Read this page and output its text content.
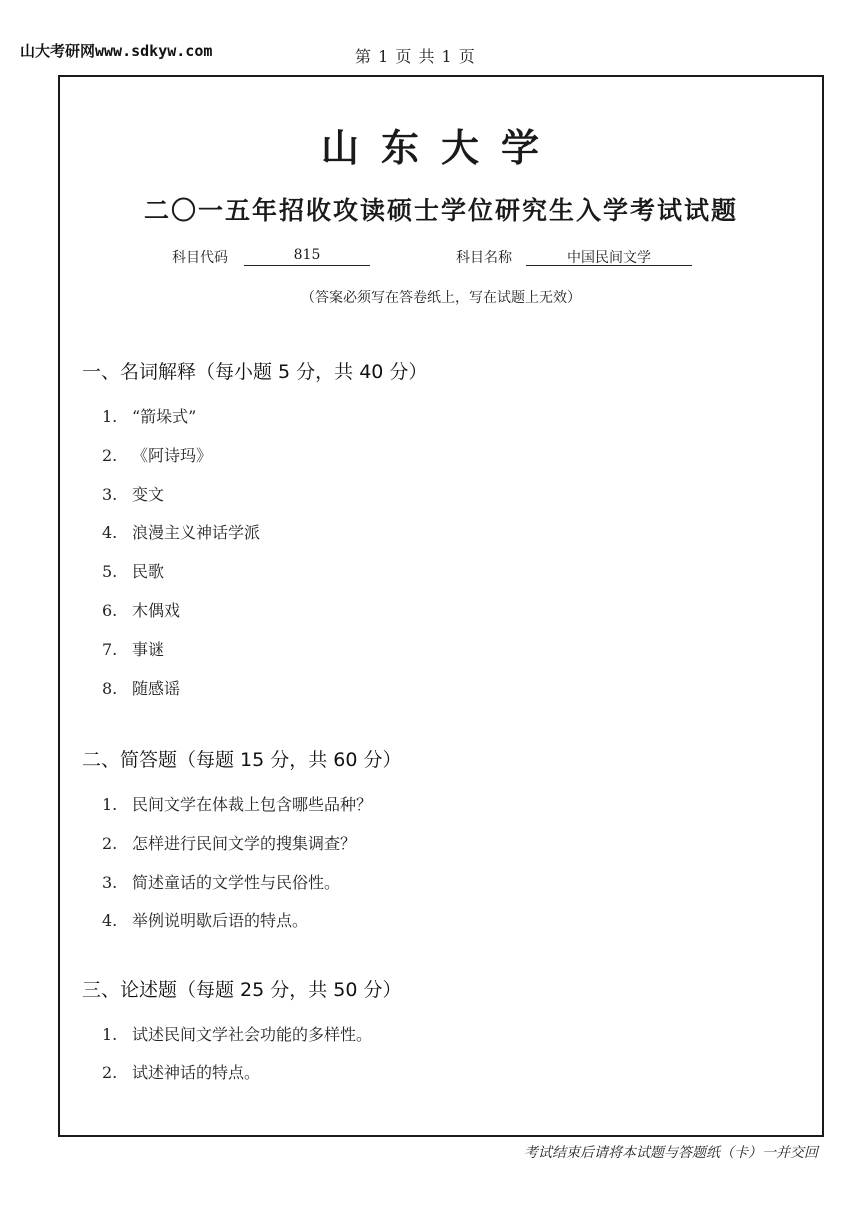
山大考研网www.sdkyw.com	第 1 页 共 1 页
山东大学
二〇一五年招收攻读硕士学位研究生入学考试试题
科目代码	815	科目名称	中国民间文学
（答案必须写在答卷纸上，写在试题上无效）
一、名词解释（每小题 5 分，共 40 分）
1. “箭垛式”
2. 《阿诗玛》
3. 变文
4. 浪漫主义神话学派
5. 民歌
6. 木偶戏
7. 事谜
8. 随感谣
二、简答题（每题 15 分，共 60 分）
1. 民间文学在体裁上包含哪些品种？
2. 怎样进行民间文学的搜集调查？
3. 简述童话的文学性与民俗性。
4. 举例说明歇后语的特点。
三、论述题（每题 25 分，共 50 分）
1. 试述民间文学社会功能的多样性。
2. 试述神话的特点。
考试结束后请将本试题与答题纸（卡）一并交回
